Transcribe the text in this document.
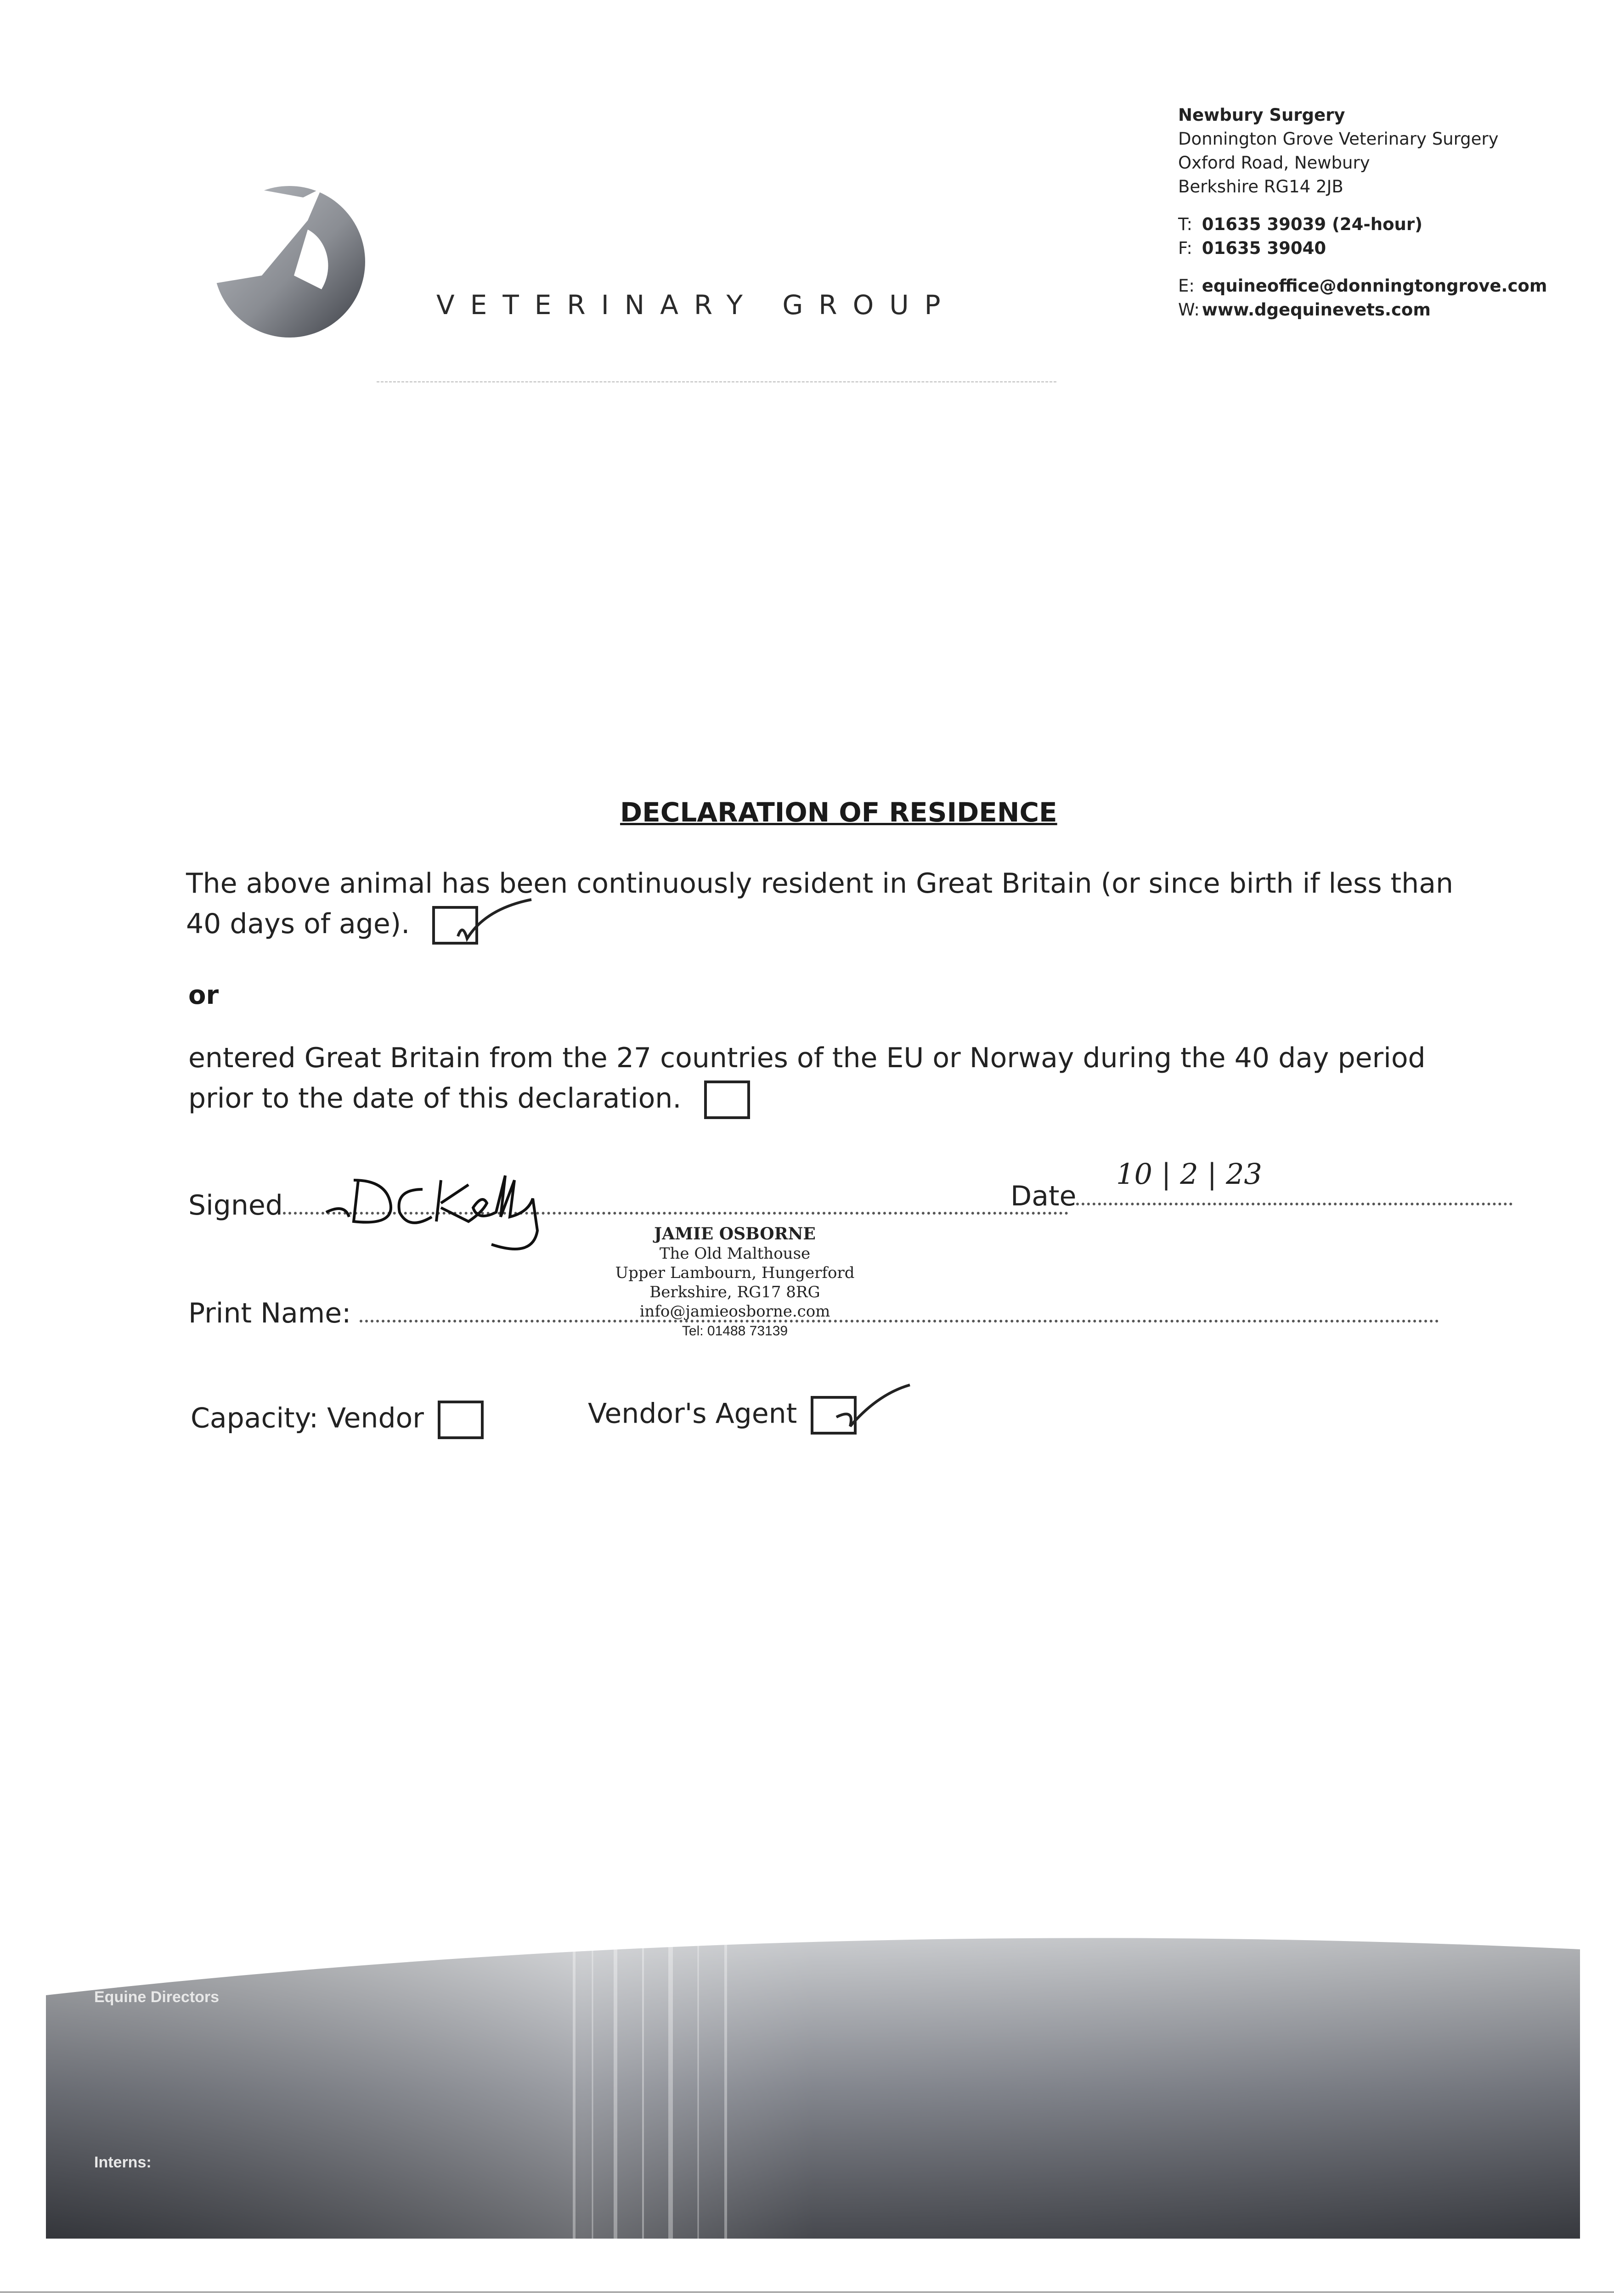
VETERINARY GROUP
Newbury Surgery
Donnington Grove Veterinary Surgery
Oxford Road, Newbury
Berkshire RG14 2JB
T: 01635 39039 (24-hour)
F: 01635 39040
E: equineoffice@donningtongrove.com
W: www.dgequinevets.com
DECLARATION OF RESIDENCE
The above animal has been continuously resident in Great Britain (or since birth if less than
40 days of age).
or
entered Great Britain from the 27 countries of the EU or Norway during the 40 day period
prior to the date of this declaration.
Signed	Date
10 | 2 | 23
JAMIE OSBORNE
The Old Malthouse
Upper Lambourn, Hungerford
Berkshire, RG17 8RG
info@jamieosborne.com
Tel: 01488 73139
Print Name:
Capacity: Vendor	Vendor's Agent
Equine Directors
Interns:
